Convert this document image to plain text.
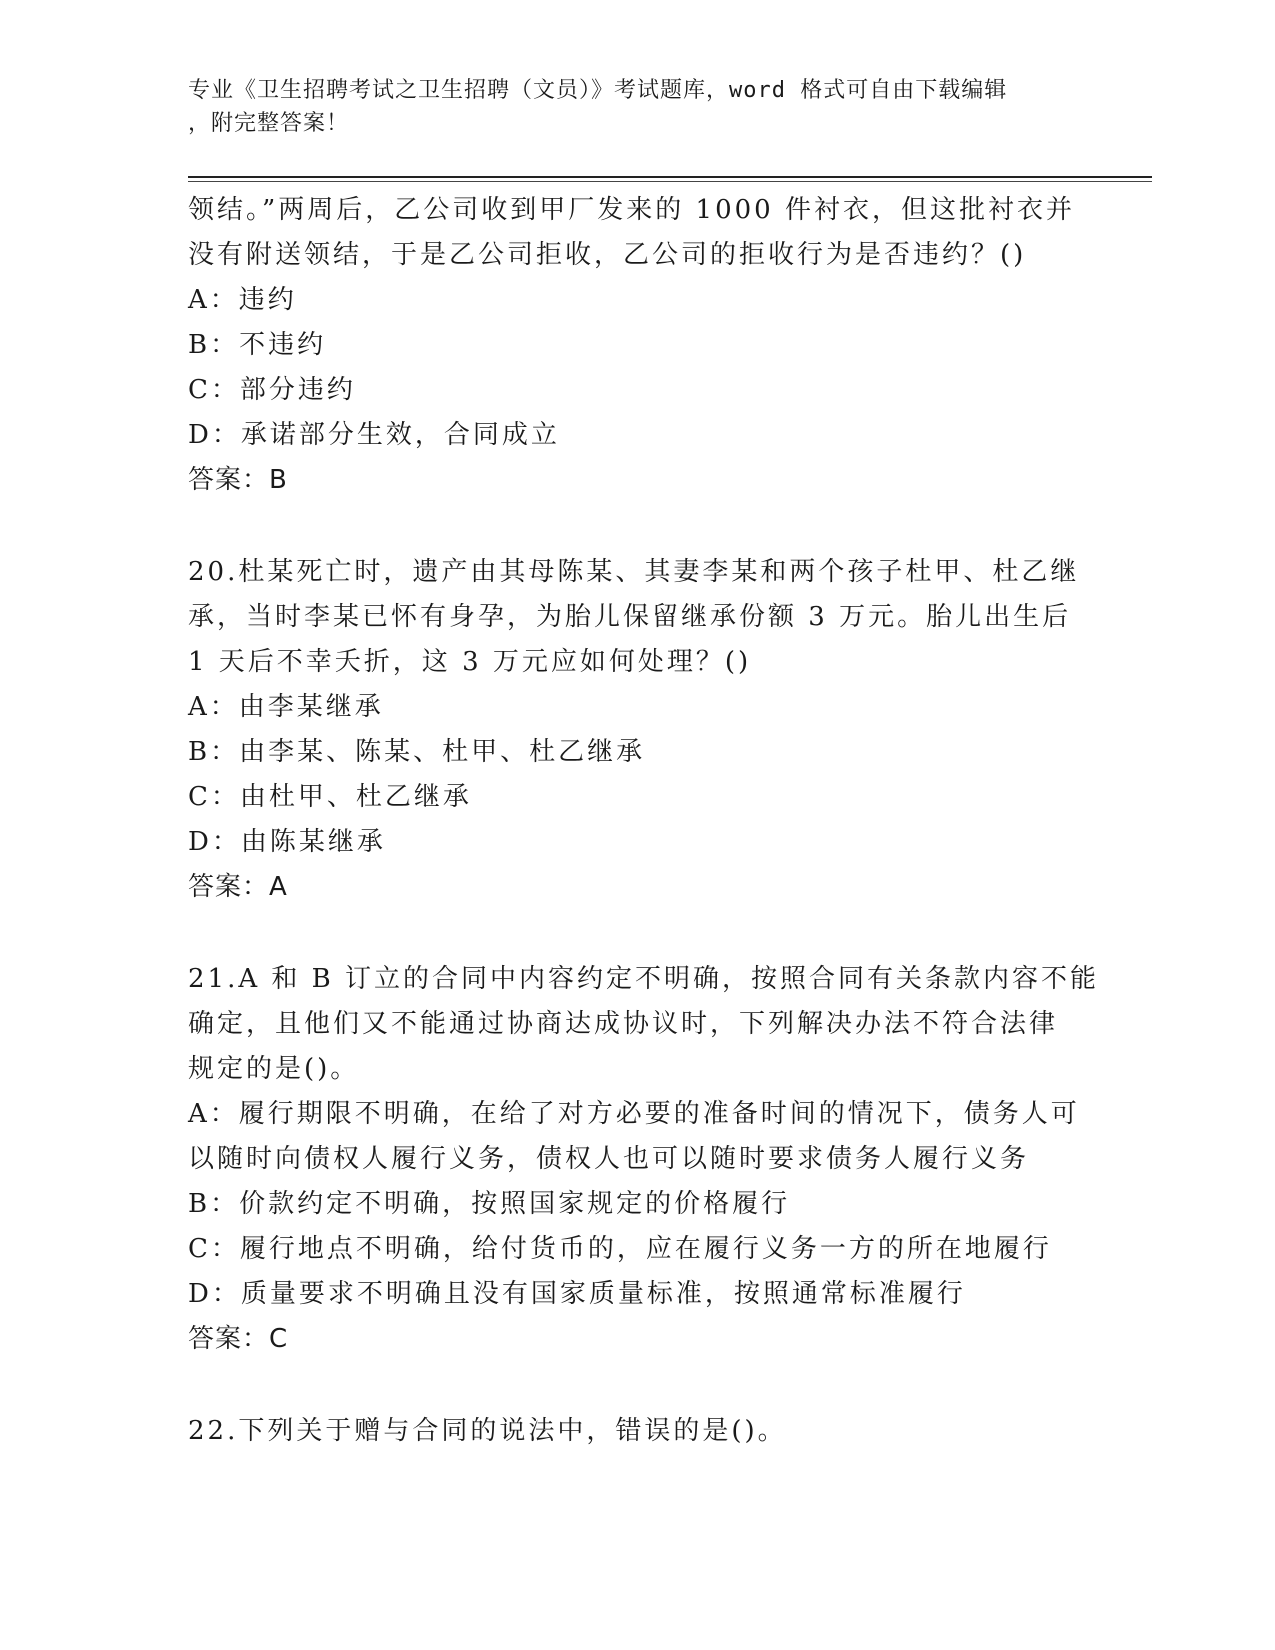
专业《卫生招聘考试之卫生招聘（文员）》考试题库，word 格式可自由下载编辑
，附完整答案！
领结。”两周后，乙公司收到甲厂发来的 1000 件衬衣，但这批衬衣并
没有附送领结，于是乙公司拒收，乙公司的拒收行为是否违约？()
A：违约
B：不违约
C：部分违约
D：承诺部分生效，合同成立
答案：B
20.杜某死亡时，遗产由其母陈某、其妻李某和两个孩子杜甲、杜乙继
承，当时李某已怀有身孕，为胎儿保留继承份额 3 万元。胎儿出生后
1 天后不幸夭折，这 3 万元应如何处理？()
A：由李某继承
B：由李某、陈某、杜甲、杜乙继承
C：由杜甲、杜乙继承
D：由陈某继承
答案：A
21.A 和 B 订立的合同中内容约定不明确，按照合同有关条款内容不能
确定，且他们又不能通过协商达成协议时，下列解决办法不符合法律
规定的是()。
A：履行期限不明确，在给了对方必要的准备时间的情况下，债务人可
以随时向债权人履行义务，债权人也可以随时要求债务人履行义务
B：价款约定不明确，按照国家规定的价格履行
C：履行地点不明确，给付货币的，应在履行义务一方的所在地履行
D：质量要求不明确且没有国家质量标准，按照通常标准履行
答案：C
22.下列关于赠与合同的说法中，错误的是()。
